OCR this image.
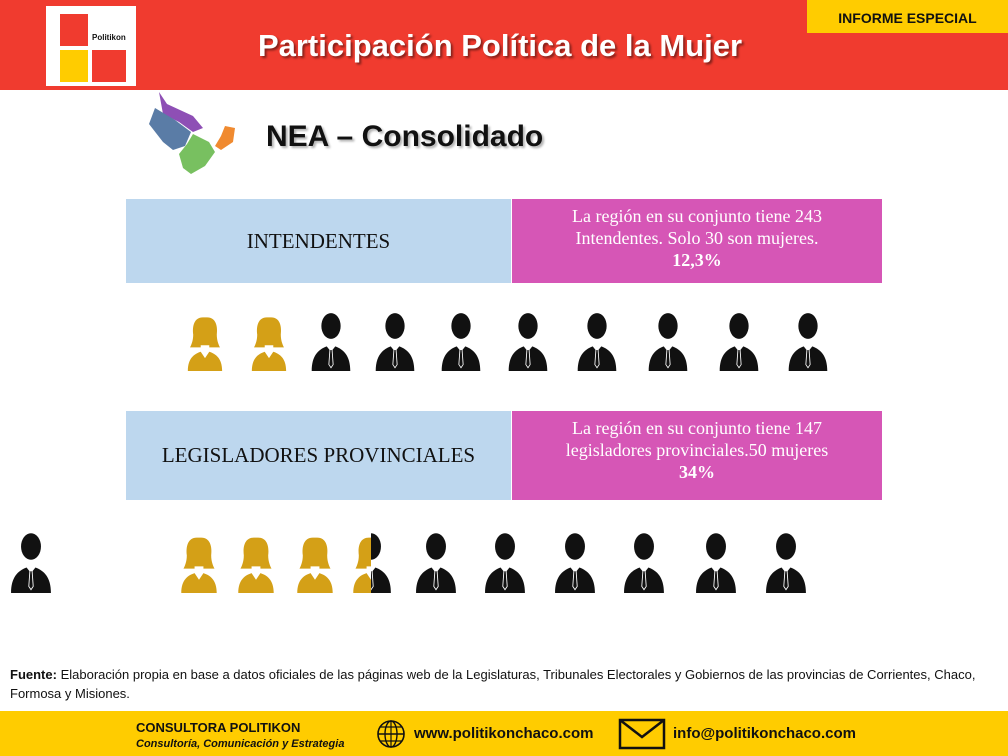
Politikon	Participación Política de la Mujer
INFORME ESPECIAL
NEA – Consolidado
INTENDENTES
La región en su conjunto tiene 243
Intendentes. Solo 30 son mujeres.
12,3%
LEGISLADORES PROVINCIALES
La región en su conjunto tiene 147
legisladores provinciales.50 mujeres
34%
Fuente: Elaboración propia en base a datos oficiales de las páginas web de la Legislaturas, Tribunales Electorales y Gobiernos de las provincias de Corrientes, Chaco, Formosa y Misiones.
CONSULTORA POLITIKON
Consultoría, Comunicación y Estrategia
www.politikonchaco.com	info@politikonchaco.com
